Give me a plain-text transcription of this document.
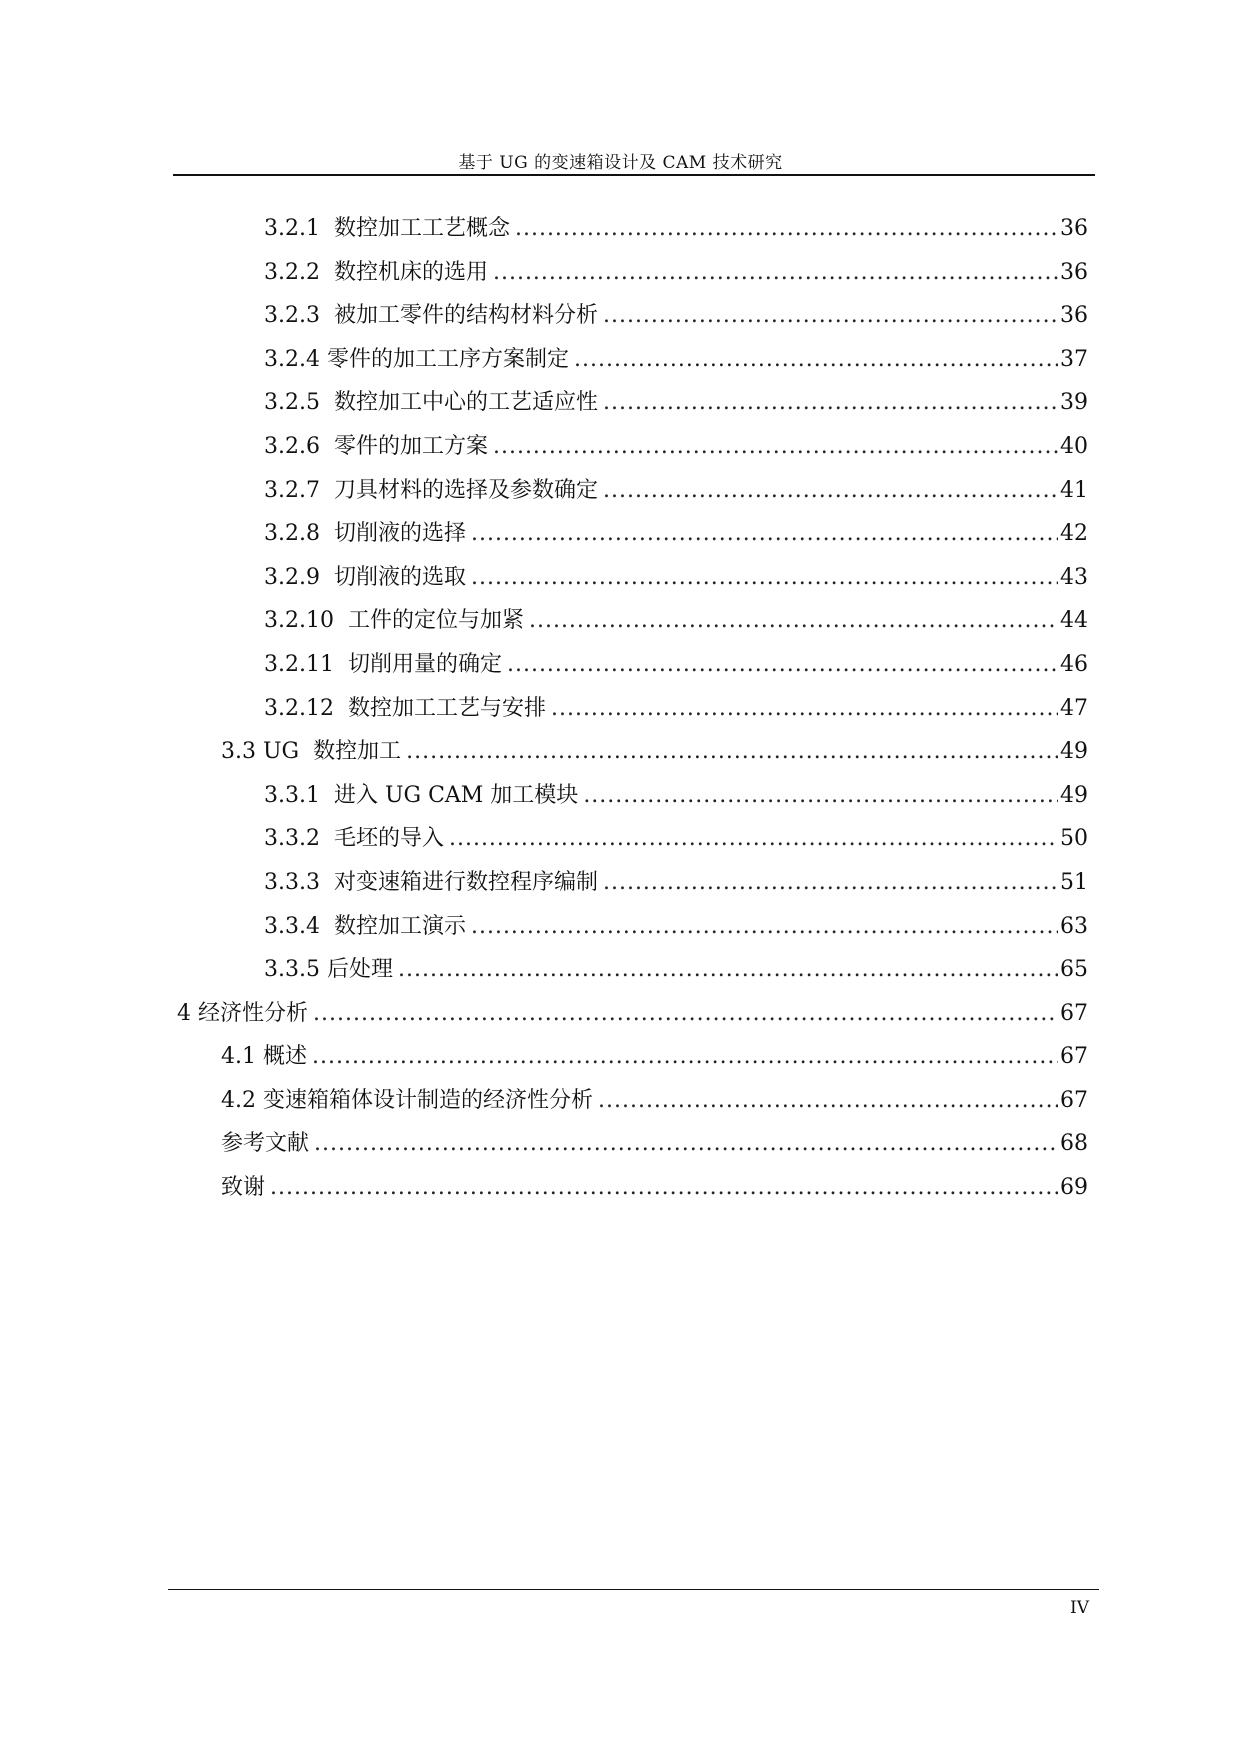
基于 UG 的变速箱设计及 CAM 技术研究
3.2.1  数控加工工艺概念 .....	36
3.2.2  数控机床的选用 .....	36
3.2.3  被加工零件的结构材料分析 .....	36
3.2.4 零件的加工工序方案制定 .....	37
3.2.5  数控加工中心的工艺适应性 .....	39
3.2.6  零件的加工方案 .....	40
3.2.7  刀具材料的选择及参数确定 .....	41
3.2.8  切削液的选择 .....	42
3.2.9  切削液的选取 .....	43
3.2.10  工件的定位与加紧 .....	44
3.2.11  切削用量的确定 .....	46
3.2.12  数控加工工艺与安排 .....	47
3.3 UG  数控加工 .....	49
3.3.1  进入 UG CAM 加工模块 .....	49
3.3.2  毛坯的导入 .....	50
3.3.3  对变速箱进行数控程序编制 .....	51
3.3.4  数控加工演示 .....	63
3.3.5 后处理 .....	65
4 经济性分析 .....	67
4.1 概述 .....	67
4.2 变速箱箱体设计制造的经济性分析 .....	67
参考文献 .....	68
致谢 .....	69
IV
